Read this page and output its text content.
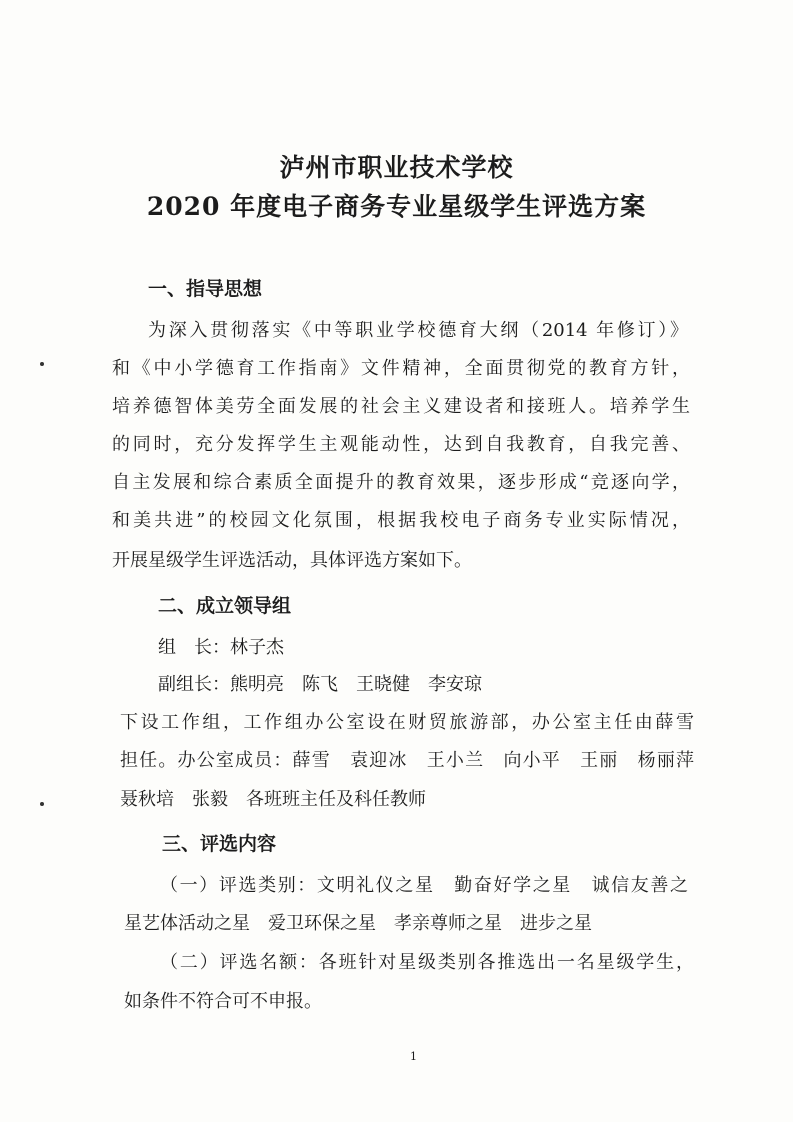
泸州市职业技术学校
2020 年度电子商务专业星级学生评选方案
一、指导思想
为深入贯彻落实《中等职业学校德育大纲（2014 年修订）》
和《中小学德育工作指南》文件精神，全面贯彻党的教育方针，
培养德智体美劳全面发展的社会主义建设者和接班人。培养学生
的同时，充分发挥学生主观能动性，达到自我教育，自我完善、
自主发展和综合素质全面提升的教育效果，逐步形成“竞逐向学，
和美共进”的校园文化氛围，根据我校电子商务专业实际情况，
开展星级学生评选活动，具体评选方案如下。
二、成立领导组
组　长：林子杰
副组长：熊明亮　陈飞　王晓健　李安琼
下设工作组，工作组办公室设在财贸旅游部，办公室主任由薛雪
担任。办公室成员：薛雪　袁迎冰　王小兰　向小平　王丽　杨丽萍
聂秋培　张毅　各班班主任及科任教师
三、评选内容
（一）评选类别：文明礼仪之星　勤奋好学之星　诚信友善之
星艺体活动之星　爱卫环保之星　孝亲尊师之星　进步之星
（二）评选名额：各班针对星级类别各推选出一名星级学生，
如条件不符合可不申报。
1
